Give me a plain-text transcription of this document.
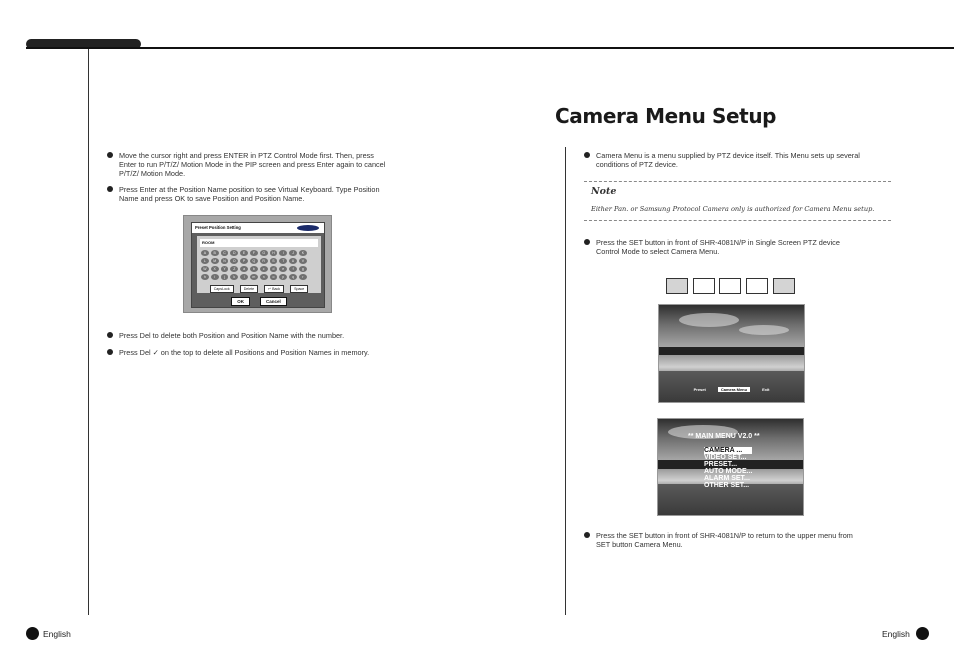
Camera Menu Setup
Move the cursor right and press ENTER in PTZ Control Mode first. Then, press
Enter to run P/T/Z/ Motion Mode in the PIP screen and press Enter again to cancel
P/T/Z/ Motion Mode.
Press Enter at the Position Name position to see Virtual Keyboard. Type Position
Name and press OK to save Position and Position Name.
Preset Position Setting
ROOM
A	B	C	D	E	F	G	H	I	J	K
L	M	N	O	P	Q	R	S	T	U	V
W	X	Y	Z	a	b	c	d	e	f	g
h	i	j	k	l	m	n	o	p	q	r
CapsLock	Delete	↵ Back	Space
OK	Cancel
Press Del to delete both Position and Position Name with the number.
Press Del ✓ on the top to delete all Positions and Position Names in memory.
Camera Menu is a menu supplied by PTZ device itself. This Menu sets up several
conditions of PTZ device.
Note
Either Pan. or Samsung Protocol Camera only is authorized for Camera Menu setup.
Press the SET button in front of SHR-4081N/P in Single Screen PTZ device
Control Mode to select Camera Menu.
Preset	Camera Menu	Exit
** MAIN MENU V2.0 **
CAMERA ...
VIDEO SET...
PRESET...
AUTO MODE...
ALARM SET...
OTHER SET...
Press the SET button in front of SHR-4081N/P to return to the upper menu from
SET button Camera Menu.
English	English
